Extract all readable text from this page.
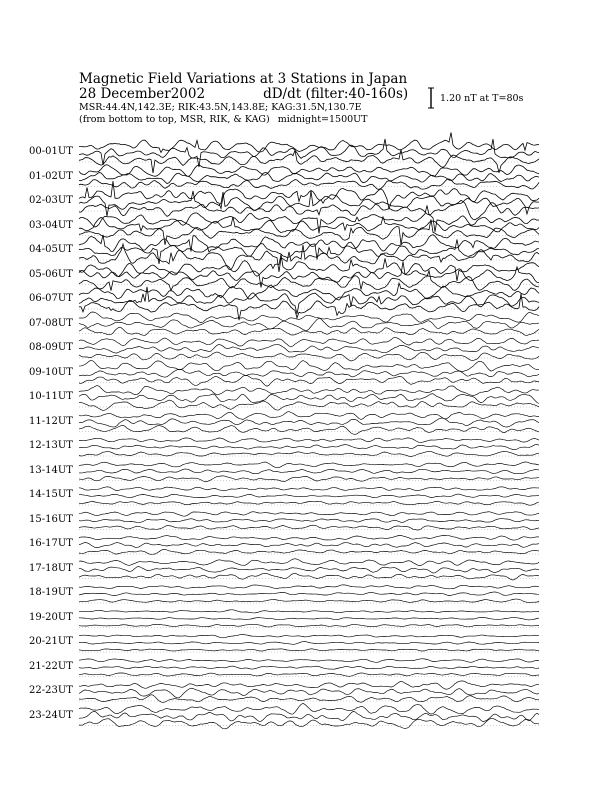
Magnetic Field Variations at 3 Stations in Japan
28 December2002	dD/dt (filter:40-160s)
MSR:44.4N,142.3E; RIK:43.5N,143.8E; KAG:31.5N,130.7E
(from bottom to top, MSR, RIK, & KAG) midnight=1500UT
1.20 nT at T=80s
00-01UT
01-02UT
02-03UT
03-04UT
04-05UT
05-06UT
06-07UT
07-08UT
08-09UT
09-10UT
10-11UT
11-12UT
12-13UT
13-14UT
14-15UT
15-16UT
16-17UT
17-18UT
18-19UT
19-20UT
20-21UT
21-22UT
22-23UT
23-24UT
